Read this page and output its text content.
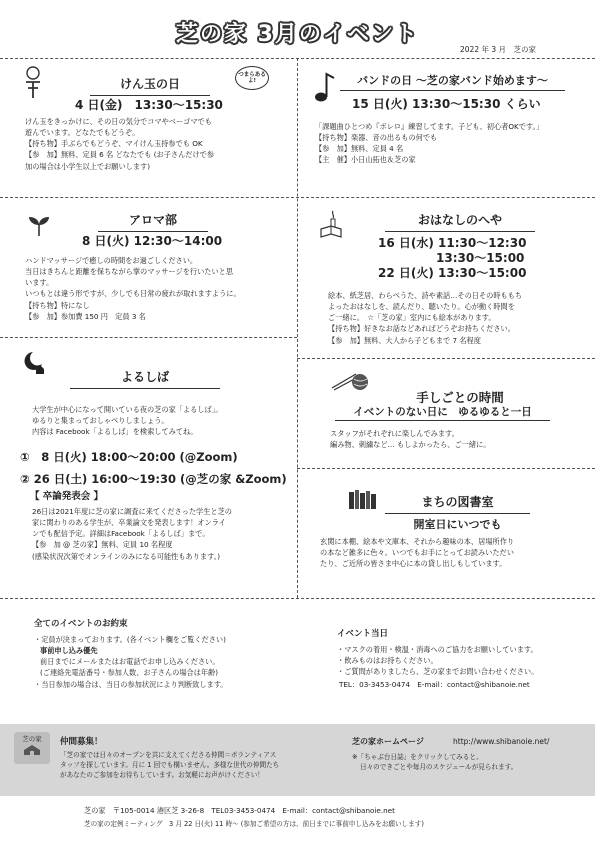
芝の家 3月のイベント
2022 年 3 月　芝の家
けん玉の日
つまらあるよ!
4 日(金)　13:30〜15:30

けん玉をきっかけに、その日の気分でコマやベーゴマでも

遊んでいます。どなたでもどうぞ。

【持ち物】手ぶらでもどうぞ、マイけん玉持参でも OK

【参　加】無料、定員 6 名 どなたでも (お子さんだけで参

加の場合は小学生以上でお願いします)

バンドの日 〜芝の家バンド始めます〜
15 日(火) 13:30〜15:30 くらい

「課題曲ひとつめ『ボレロ』練習してます。子ども、初心者OKです。」

【持ち物】楽器、音の出るもの何でも

【参　加】無料、定員 4 名

【主　催】小日山拓也＆芝の家

アロマ部
8 日(火) 12:30〜14:00

ハンドマッサージで癒しの時間をお過ごしください。

当日はきちんと距離を保ちながら掌のマッサージを行いたいと思

います。

いつもとは違う形ですが、少しでも日常の疲れが取れますように。

【持ち物】特になし

【参　加】参加費 150 円　定員 3 名

おはなしのへや
16 日(水) 11:30〜12:30
13:30〜15:00
22 日(火) 13:30〜15:00

絵本、紙芝居、わらべうた、詩や素話…その日その時ももち

よったおはなしを、読んだり、聴いたり。心が動く時間を

ご一緒に。　☆「芝の家」室内にも絵本があります。

【持ち物】好きなお話などあればどうぞお持ちください。

【参　加】無料、大人から子どもまで 7 名程度

よるしば

大学生が中心になって開いている夜の芝の家「よるしば」。

ゆるりと集まっておしゃべりしましょう。

内容は Facebook「よるしば」を検索してみてね。

①　8 日(火) 18:00〜20:00 (@Zoom)
② 26 日(土) 16:00〜19:30 (@芝の家 &Zoom)
【 卒論発表会 】

26日は2021年度に芝の家に調査に来てくださった学生と芝の

家に関わりのある学生が、卒業論文を発表します！オンライ

ンでも配信予定。詳細はFacebook「よるしば」まで。

【参　加 @ 芝の家】無料、定員 10 名程度

(感染状況次第でオンラインのみになる可能性もあります。)

手しごとの時間
イベントのない日に　ゆるゆると一日

スタッフがそれぞれに楽しんでみます。

編み物、刺繍など… もしよかったら、ご一緒に。

まちの図書室
開室日にいつでも

玄関に本棚、絵本や文庫本、それから趣味の本、居場所作り

の本など雑多に色々。いつでもお手にとってお読みいただい

たり、ご近所の皆さま中心に本の貸し出しもしています。

全てのイベントのお約束

・定員が決まっております。(各イベント欄をご覧ください)

事前申し込み優先

前日までにメールまたはお電話でお申し込みください。

(ご連絡先電話番号・参加人数、お子さんの場合は年齢)

・当日参加の場合は、当日の参加状況により判断致します。

イベント当日

・マスクの着用・検温・消毒へのご協力をお願いしています。

・飲みものはお持ちください。

・ご質問がありましたら、芝の家までお問い合わせください。

TEL：03-3453-0474　E-mail：contact@shibanoie.net

芝の家	仲間募集！

「芝の家では日々のオープンを共に支えてくださる仲間＝ボランティアス

タッフを探しています。月に 1 回でも構いません。多様な世代の仲間たち

があなたのご参加をお待ちしています。お気軽にお声がけください！

芝の家ホームページ	http://www.shibanoie.net/

※「ちゃぶ台日誌」をクリックしてみると、

日々のできごとや毎月のスケジュールが見られます。

芝の家　〒105-0014 港区芝 3-26-8　TEL03-3453-0474　E-mail：contact@shibanoie.net
芝の家の定例ミーティング　3 月 22 日(火) 11 時〜 (参加ご希望の方は、前日までに事前申し込みをお願いします)
